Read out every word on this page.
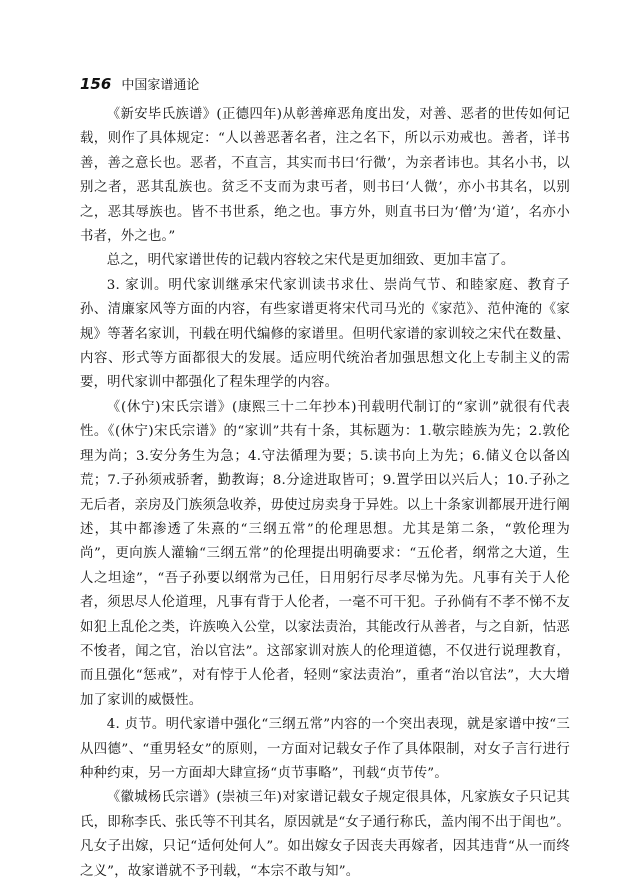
156 中国家谱通论

《新安毕氏族谱》(正德四年)从彰善瘅恶角度出发，对善、恶者的世传如何记载，则作了具体规定：“人以善恶著名者，注之名下，所以示劝戒也。善者，详书善，善之意长也。恶者，不直言，其实而书曰‘行微’，为亲者讳也。其名小书，以别之者，恶其乱族也。贫乏不支而为隶丐者，则书曰‘人微’，亦小书其名，以别之，恶其辱族也。皆不书世系，绝之也。事方外，则直书曰为‘僧’为‘道’，名亦小书者，外之也。”

总之，明代家谱世传的记载内容较之宋代是更加细致、更加丰富了。

3. 家训。明代家训继承宋代家训读书求仕、崇尚气节、和睦家庭、教育子孙、清廉家风等方面的内容，有些家谱更将宋代司马光的《家范》、范仲淹的《家规》等著名家训，刊载在明代编修的家谱里。但明代家谱的家训较之宋代在数量、内容、形式等方面都很大的发展。适应明代统治者加强思想文化上专制主义的需要，明代家训中都强化了程朱理学的内容。

《(休宁)宋氏宗谱》(康熙三十二年抄本)刊载明代制订的“家训”就很有代表性。《(休宁)宋氏宗谱》的“家训”共有十条，其标题为：1.敬宗睦族为先；2.敦伦理为尚；3.安分务生为急；4.守法循理为要；5.读书向上为先；6.储义仓以备凶荒；7.子孙须戒骄奢，勤教诲；8.分途进取皆可；9.置学田以兴后人；10.子孙之无后者，亲房及门族须急收养，毋使过房卖身于异姓。以上十条家训都展开进行阐述，其中都渗透了朱熹的“三纲五常”的伦理思想。尤其是第二条，“敦伦理为尚”，更向族人灌输“三纲五常”的伦理提出明确要求：“五伦者，纲常之大道，生人之坦途”，“吾子孙要以纲常为己任，日用躬行尽孝尽悌为先。凡事有关于人伦者，须思尽人伦道理，凡事有背于人伦者，一毫不可干犯。子孙倘有不孝不悌不友如犯上乱伦之类，许族唤入公堂，以家法责治，其能改行从善者，与之自新，怙恶不悛者，闻之官，治以官法”。这部家训对族人的伦理道德，不仅进行说理教育，而且强化“惩戒”，对有悖于人伦者，轻则“家法责治”，重者“治以官法”，大大增加了家训的威慑性。

4. 贞节。明代家谱中强化“三纲五常”内容的一个突出表现，就是家谱中按“三从四德”、“重男轻女”的原则，一方面对记载女子作了具体限制，对女子言行进行种种约束，另一方面却大肆宣扬“贞节事略”，刊载“贞节传”。

《徽城杨氏宗谱》(崇祯三年)对家谱记载女子规定很具体，凡家族女子只记其氏，即称李氏、张氏等不刊其名，原因就是“女子通行称氏，盖内闱不出于闺也”。凡女子出嫁，只记“适何处何人”。如出嫁女子因丧夫再嫁者，因其违背“从一而终之义”，故家谱就不予刊载，“本宗不敢与知”。
